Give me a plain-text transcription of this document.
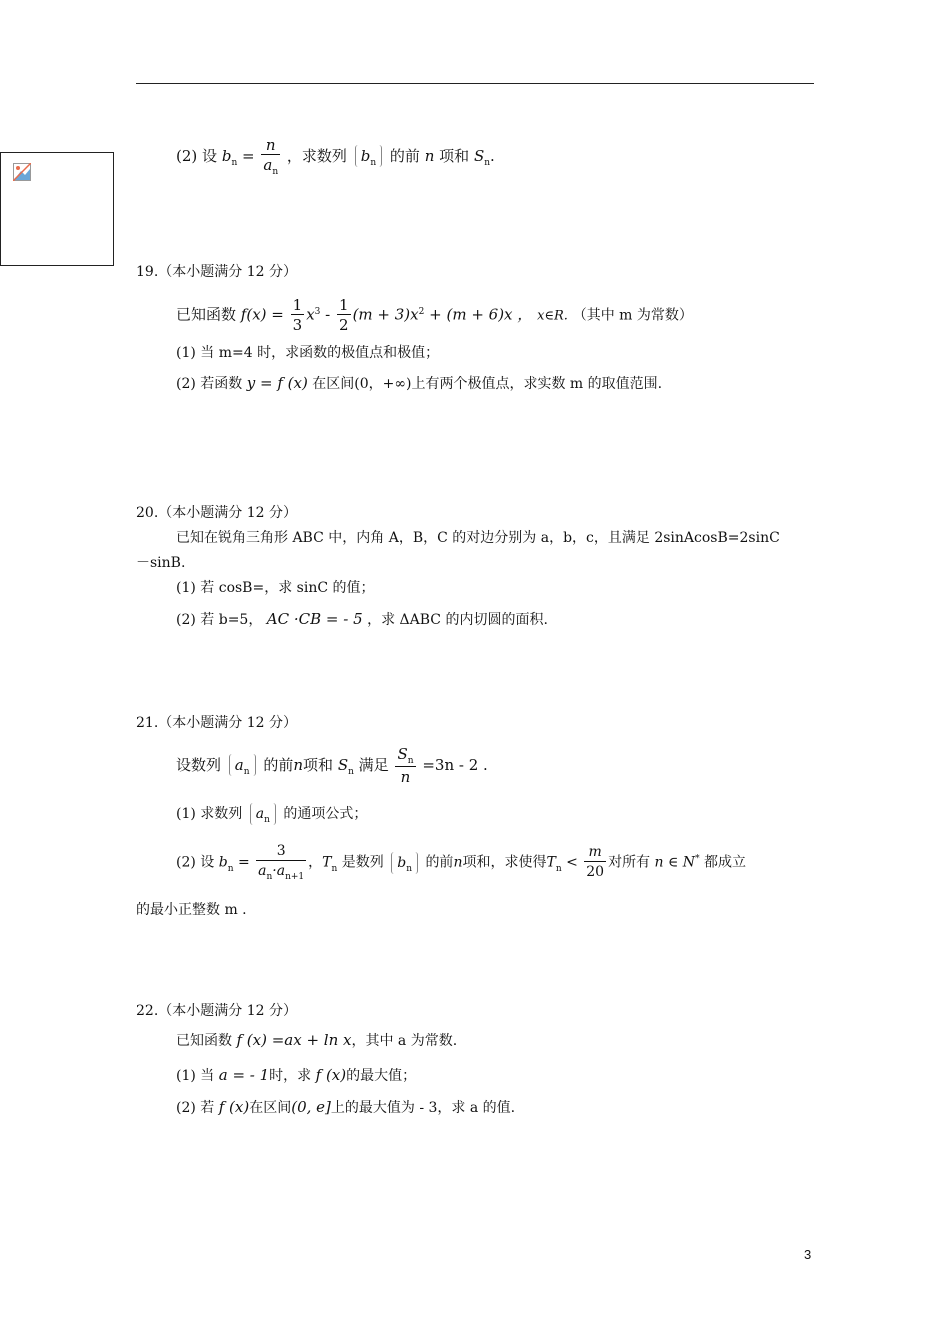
(2) 设 $b_n = \frac{n}{a_n}$ ，求数列 $b_n$ 的前 n 项和 $S_n$.
19.（本小题满分 12 分）
已知函数 $f(x) = \frac{1}{3} x^3 - \frac{1}{2} (m + 3)x^2 + (m + 6)x$ ， x∈R. （其中 m 为常数）
(1) 当 m=4 时，求函数的极值点和极值；
(2) 若函数 y = f (x) 在区间(0，+∞)上有两个极值点，求实数 m 的取值范围.
20.（本小题满分 12 分）
已知在锐角三角形 ABC 中，内角 A，B，C 的对边分别为 a，b，c，且满足 2sinAcosB=2sinC
－sinB.
(1) 若 cosB=，求 sinC 的值；
(2) 若 b=5， AC ·CB = - 5 ，求 ΔABC 的内切圆的面积.
21.（本小题满分 12 分）
设数列 $a_n$ 的前n项和 $S_n$ 满足 $\frac{S_n}{n} =3n - 2$ .
(1) 求数列 $a_n$ 的通项公式；
(2) 设 $b_n = \frac{3}{a_n\cdot a_{n+1}}$ ，$T_n$ 是数列 $b_n$ 的前n项和，求使得$T_n < \frac{m}{20}$ 对所有 n ∈ N* 都成立
的最小正整数 m .
22.（本小题满分 12 分）
已知函数 f (x) =ax + ln x，其中 a 为常数.
(1) 当 a = - 1时，求 f (x)的最大值；
(2) 若 f (x)在区间(0, e]上的最大值为 - 3，求 a 的值.
3
